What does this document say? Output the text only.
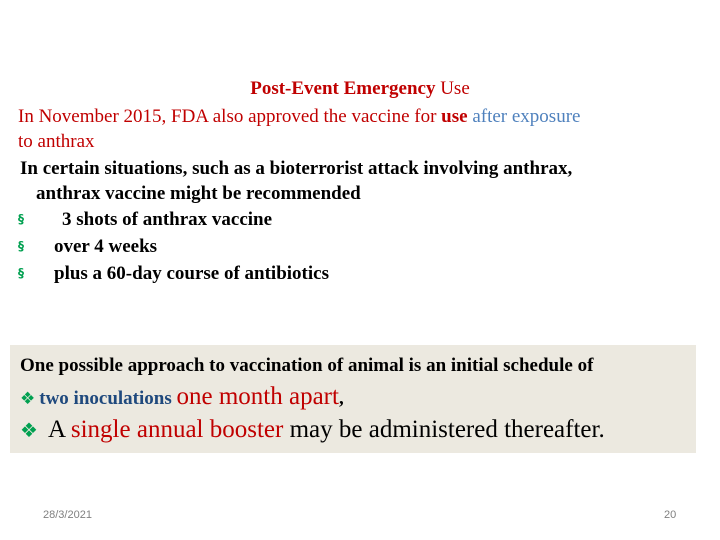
Post-Event Emergency Use
In November 2015, FDA also approved the vaccine for use after exposure
to anthrax
In certain situations, such as a bioterrorist attack involving anthrax,
anthrax vaccine might be recommended
§ 3 shots of anthrax vaccine
§ over 4 weeks
§ plus a 60-day course of antibiotics
One possible approach to vaccination of animal is an initial schedule of
❖ two inoculations one month apart,
❖ A single annual booster may be administered thereafter.
28/3/2021	20
